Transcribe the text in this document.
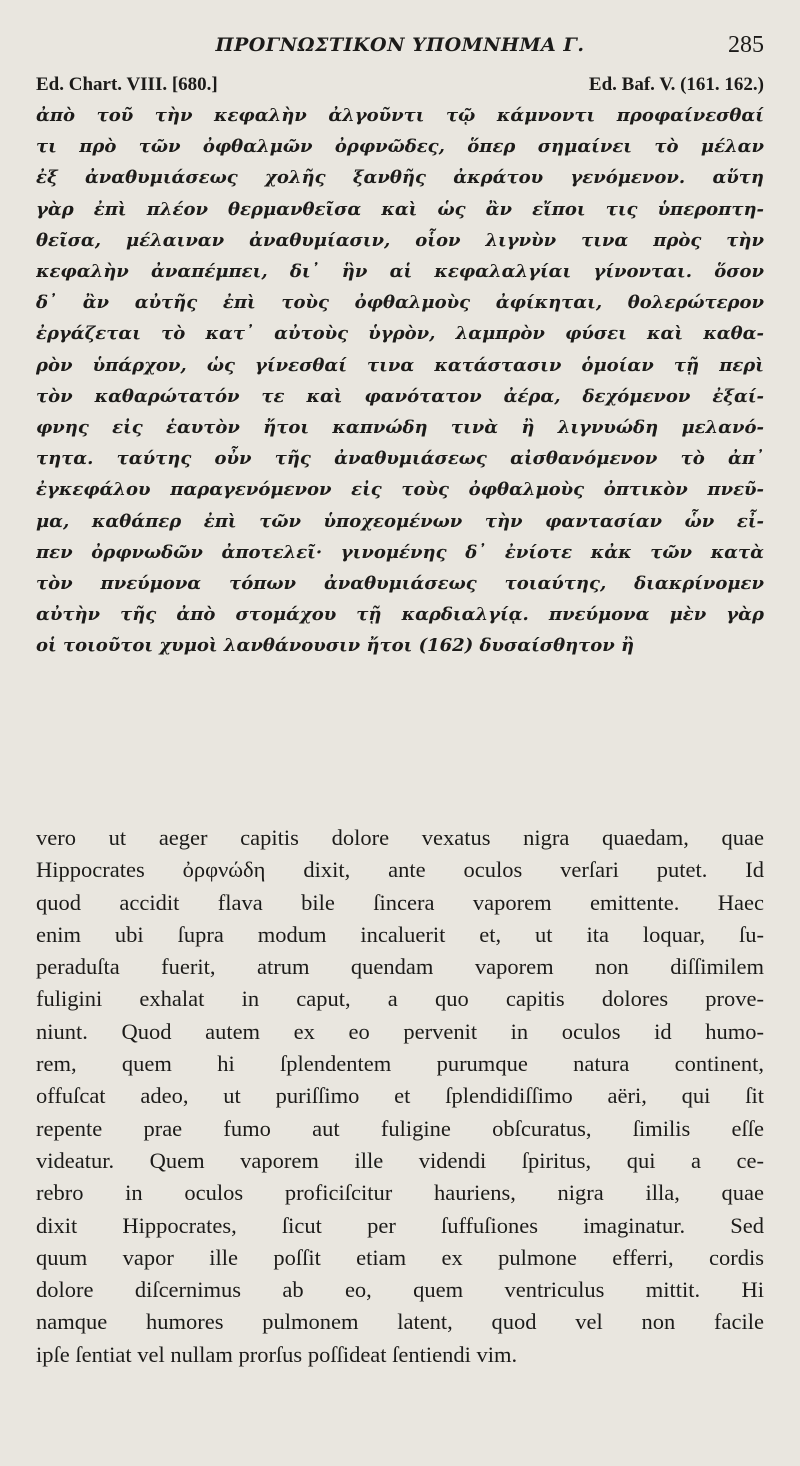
ΠΡΟΓΝΩΣΤΙΚΟΝ ΥΠΟΜΝΗΜΑ Γ.	285
Ed. Chart. VIII. [680.]	Ed. Baf. V. (161. 162.)
ἀπὸ τοῦ τὴν κεφαλὴν ἀλγοῦντι τῷ κάμνοντι προφαίνεσθαί
τι πρὸ τῶν ὀφθαλμῶν ὀρφνῶδες, ὅπερ σημαίνει τὸ μέλαν
ἐξ ἀναθυμιάσεως χολῆς ξανθῆς ἀκράτου γενόμενον. αὕτη
γὰρ ἐπὶ πλέον θερμανθεῖσα καὶ ὡς ἂν εἴποι τις ὑπεροπτη-
θεῖσα, μέλαιναν ἀναθυμίασιν, οἷον λιγνὺν τινα πρὸς τὴν
κεφαλὴν ἀναπέμπει, δι᾽ ἣν αἱ κεφαλαλγίαι γίνονται. ὅσον
δ᾽ ἂν αὐτῆς ἐπὶ τοὺς ὀφθαλμοὺς ἀφίκηται, θολερώτερον
ἐργάζεται τὸ κατ᾽ αὐτοὺς ὑγρὸν, λαμπρὸν φύσει καὶ καθα-
ρὸν ὑπάρχον, ὡς γίνεσθαί τινα κατάστασιν ὁμοίαν τῇ περὶ
τὸν καθαρώτατόν τε καὶ φανότατον ἀέρα, δεχόμενον ἐξαί-
φνης εἰς ἑαυτὸν ἤτοι καπνώδη τινὰ ἢ λιγνυώδη μελανό-
τητα. ταύτης οὖν τῆς ἀναθυμιάσεως αἰσθανόμενον τὸ ἀπ᾽
ἐγκεφάλου παραγενόμενον εἰς τοὺς ὀφθαλμοὺς ὀπτικὸν πνεῦ-
μα, καθάπερ ἐπὶ τῶν ὑποχεομένων τὴν φαντασίαν ὧν εἶ-
πεν ὀρφνωδῶν ἀποτελεῖ· γινομένης δ᾽ ἐνίοτε κἀκ τῶν κατὰ
τὸν πνεύμονα τόπων ἀναθυμιάσεως τοιαύτης, διακρίνομεν
αὐτὴν τῆς ἀπὸ στομάχου τῇ καρδιαλγίᾳ. πνεύμονα μὲν γὰρ
οἱ τοιοῦτοι χυμοὶ λανθάνουσιν ἤτοι (162) δυσαίσθητον ἢ
vero ut aeger capitis dolore vexatus nigra quaedam, quae
Hippocrates ὀρφνώδη dixit, ante oculos verſari putet. Id
quod accidit flava bile ſincera vaporem emittente. Haec
enim ubi ſupra modum incaluerit et, ut ita loquar, ſu-
peraduſta fuerit, atrum quendam vaporem non diſſimilem
fuligini exhalat in caput, a quo capitis dolores prove-
niunt. Quod autem ex eo pervenit in oculos id humo-
rem, quem hi ſplendentem purumque natura continent,
offuſcat adeo, ut puriſſimo et ſplendidiſſimo aëri, qui ſit
repente prae fumo aut fuligine obſcuratus, ſimilis eſſe
videatur. Quem vaporem ille videndi ſpiritus, qui a ce-
rebro in oculos proficiſcitur hauriens, nigra illa, quae
dixit Hippocrates, ſicut per ſuffuſiones imaginatur. Sed
quum vapor ille poſſit etiam ex pulmone efferri, cordis
dolore diſcernimus ab eo, quem ventriculus mittit. Hi
namque humores pulmonem latent, quod vel non facile
ipſe ſentiat vel nullam prorſus poſſideat ſentiendi vim.
